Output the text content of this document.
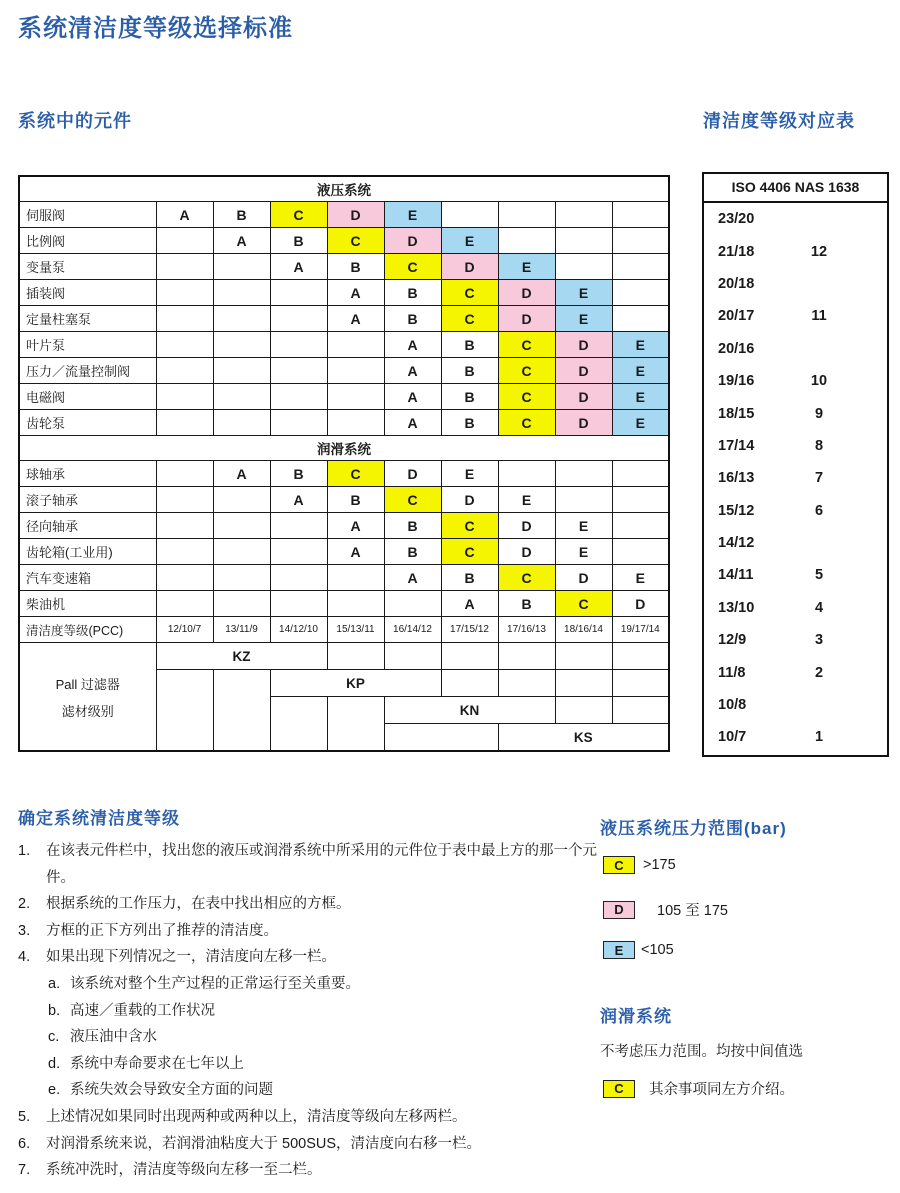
系统清洁度等级选择标准
系统中的元件	清洁度等级对应表
液压系统									
伺服阀	A	B	C	D	E				
比例阀		A	B	C	D	E			
变量泵			A	B	C	D	E		
插装阀				A	B	C	D	E	
定量柱塞泵				A	B	C	D	E	
叶片泵					A	B	C	D	E
压力／流量控制阀					A	B	C	D	E
电磁阀					A	B	C	D	E
齿轮泵					A	B	C	D	E
润滑系统									
球轴承		A	B	C	D	E			
滚子轴承			A	B	C	D	E		
径向轴承				A	B	C	D	E	
齿轮箱(工业用)				A	B	C	D	E	
汽车变速箱					A	B	C	D	E
柴油机						A	B	C	D
清洁度等级(PCC)	12/10/7	13/11/9	14/12/10	15/13/11	16/14/12	17/15/12	17/16/13	18/16/14	19/17/14

Pall 过滤器
滤材级别	KZ								
			KP						
					KN				
							KS		
ISO 4406 NAS 1638
23/20
21/18	12
20/18
20/17	11
20/16
19/16	10
18/15	9
17/14	8
16/13	7
15/12	6
14/12
14/11	5
13/10	4
12/9	3
11/8	2
10/8
10/7	1
确定系统清洁度等级
1.	在该表元件栏中，找出您的液压或润滑系统中所采用的元件位于表中最上方的那一个元件。
2.	根据系统的工作压力，在表中找出相应的方框。
3.	方框的正下方列出了推荐的清洁度。
4.	如果出现下列情况之一，清洁度向左移一栏。
a. 该系统对整个生产过程的正常运行至关重要。
b. 高速／重载的工作状况
c. 液压油中含水
d. 系统中寿命要求在七年以上
e. 系统失效会导致安全方面的问题
5.	上述情况如果同时出现两种或两种以上，清洁度等级向左移两栏。
6.	对润滑系统来说，若润滑油粘度大于 500SUS，清洁度向右移一栏。
7.	系统冲洗时，清洁度等级向左移一至二栏。
液压系统压力范围(bar)
C	>175
D	105 至 175
E	<105
润滑系统
不考虑压力范围。均按中间值选
C	其余事项同左方介绍。
